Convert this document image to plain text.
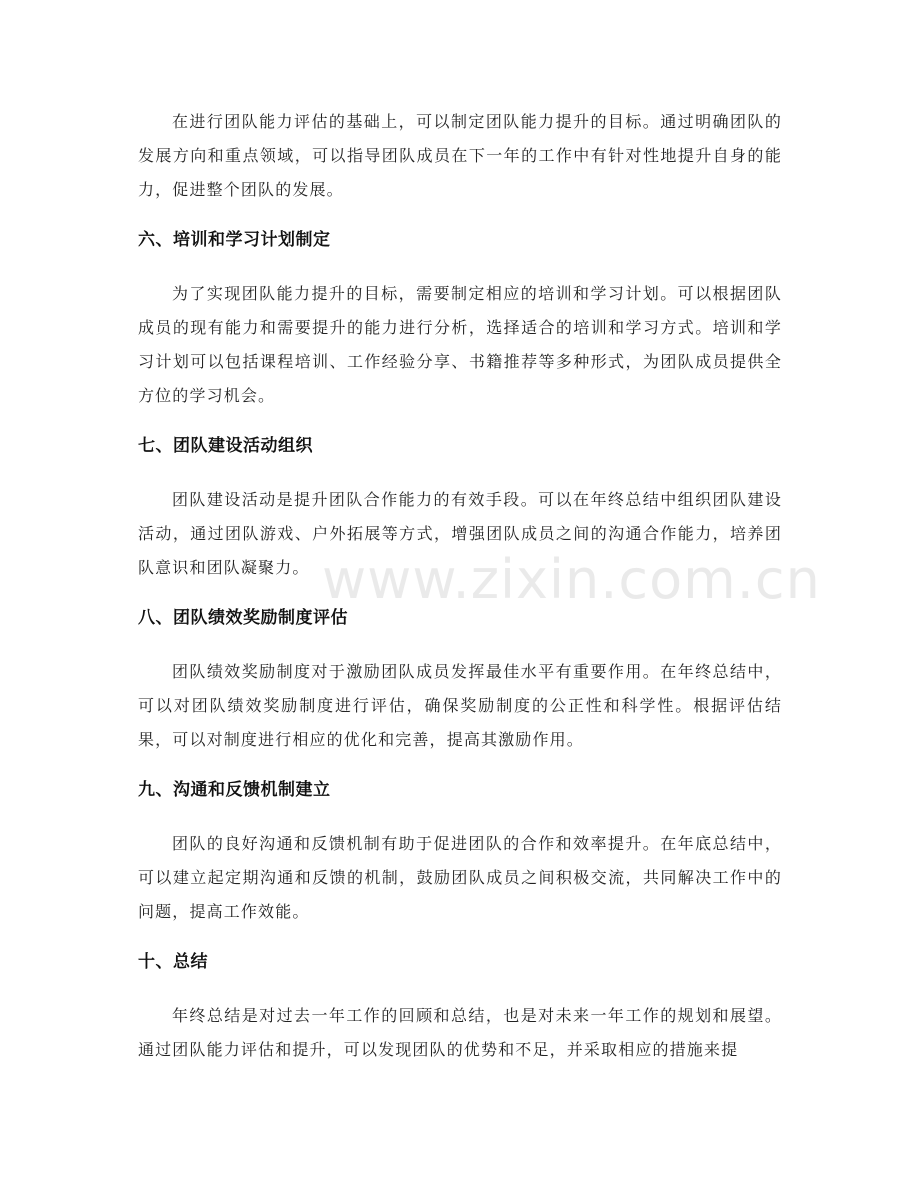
在进行团队能力评估的基础上，可以制定团队能力提升的目标。通过明确团队的发展方向和重点领域，可以指导团队成员在下一年的工作中有针对性地提升自身的能力，促进整个团队的发展。

六、培训和学习计划制定

为了实现团队能力提升的目标，需要制定相应的培训和学习计划。可以根据团队成员的现有能力和需要提升的能力进行分析，选择适合的培训和学习方式。培训和学习计划可以包括课程培训、工作经验分享、书籍推荐等多种形式，为团队成员提供全方位的学习机会。

七、团队建设活动组织

团队建设活动是提升团队合作能力的有效手段。可以在年终总结中组织团队建设活动，通过团队游戏、户外拓展等方式，增强团队成员之间的沟通合作能力，培养团队意识和团队凝聚力。

八、团队绩效奖励制度评估

团队绩效奖励制度对于激励团队成员发挥最佳水平有重要作用。在年终总结中，可以对团队绩效奖励制度进行评估，确保奖励制度的公正性和科学性。根据评估结果，可以对制度进行相应的优化和完善，提高其激励作用。

九、沟通和反馈机制建立

团队的良好沟通和反馈机制有助于促进团队的合作和效率提升。在年底总结中，可以建立起定期沟通和反馈的机制，鼓励团队成员之间积极交流，共同解决工作中的问题，提高工作效能。

十、总结

年终总结是对过去一年工作的回顾和总结，也是对未来一年工作的规划和展望。通过团队能力评估和提升，可以发现团队的优势和不足，并采取相应的措施来提

www.zixin.com.cn
